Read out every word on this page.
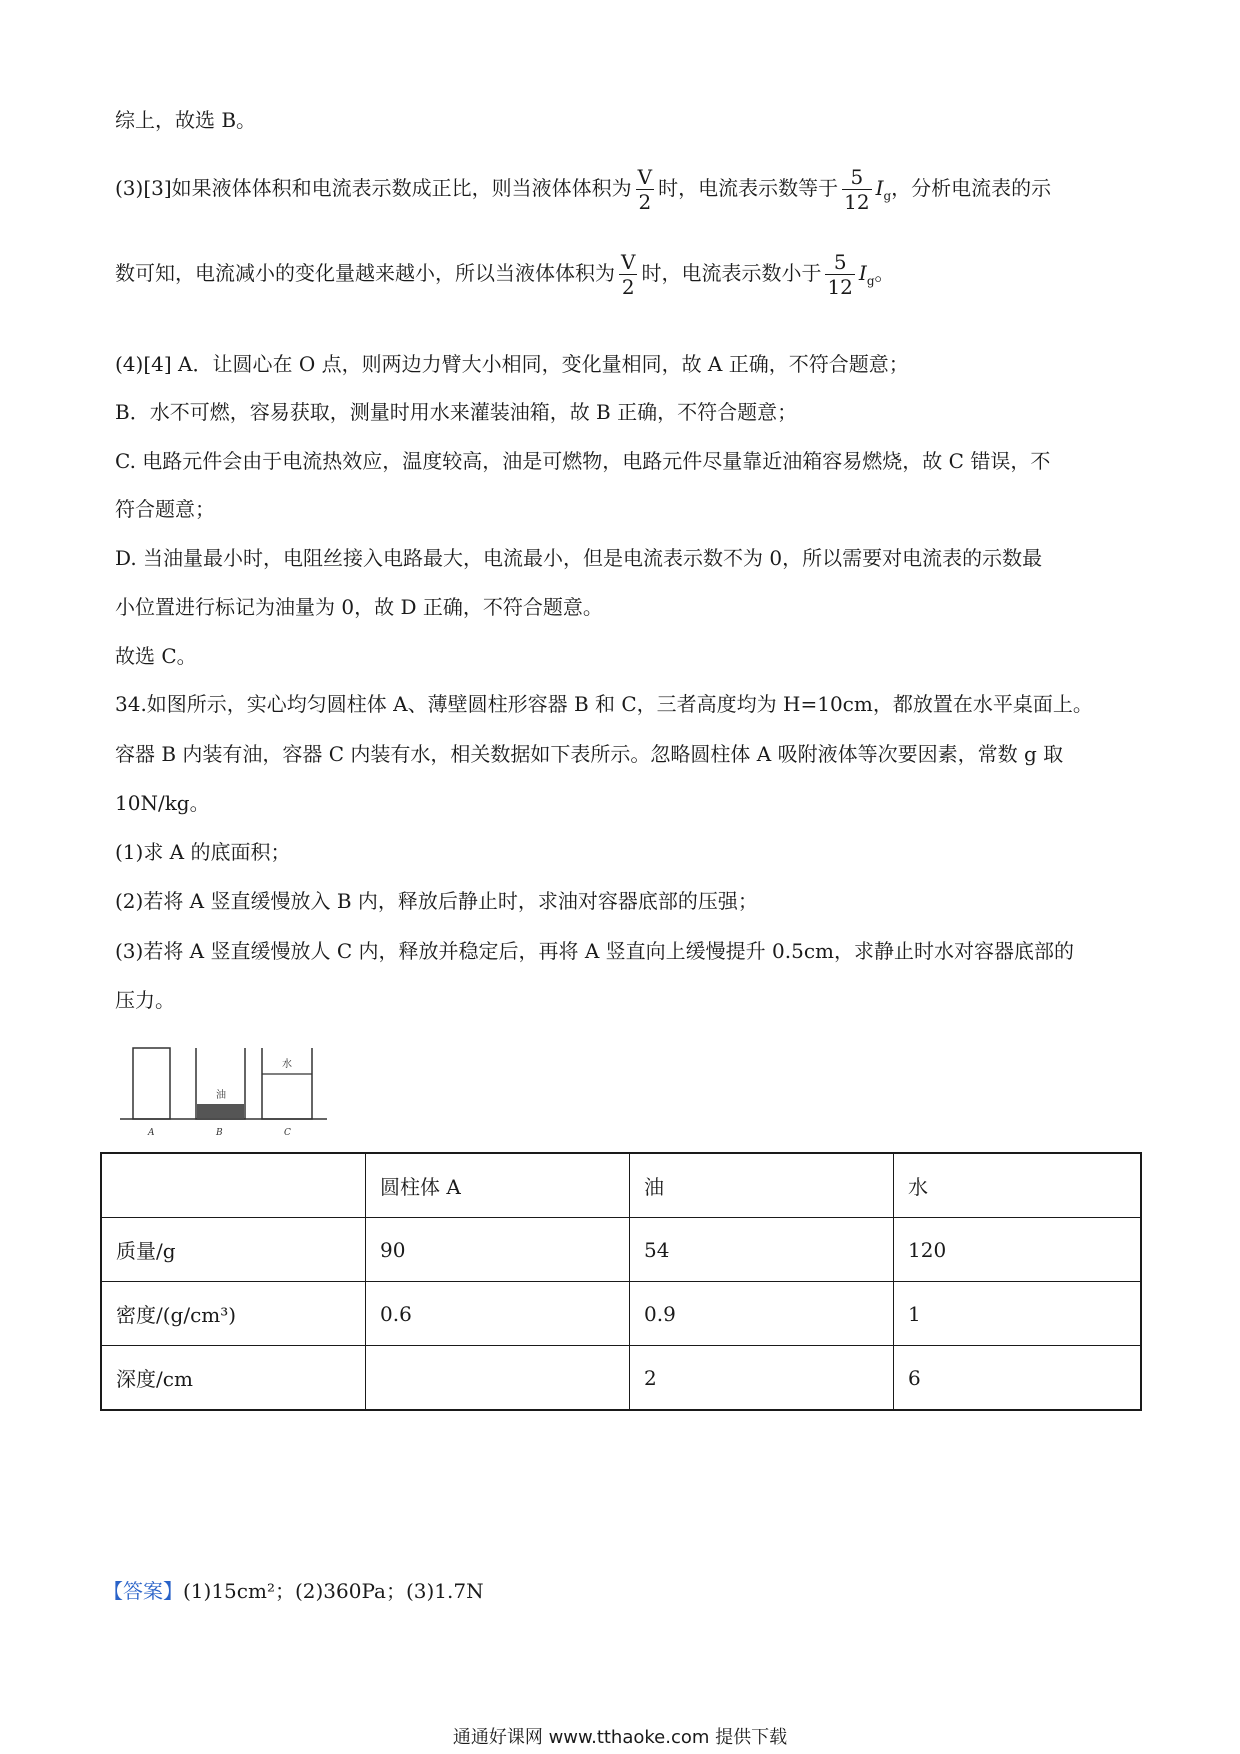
综上，故选 B。
(3)[3]如果液体体积和电流表示数成正比，则当液体体积为 $\frac{V}{2}$ 时，电流表示数等于 $\frac{5}{12} I_g$，分析电流表的示
数可知，电流减小的变化量越来越小，所以当液体体积为 $\frac{V}{2}$ 时，电流表示数小于 $\frac{5}{12} I_g$。
(4)[4] A．让圆心在 O 点，则两边力臂大小相同，变化量相同，故 A 正确，不符合题意；
B．水不可燃，容易获取，测量时用水来灌装油箱，故 B 正确，不符合题意；
C. 电路元件会由于电流热效应，温度较高，油是可燃物，电路元件尽量靠近油箱容易燃烧，故 C 错误，不
符合题意；
D. 当油量最小时，电阻丝接入电路最大，电流最小，但是电流表示数不为 0，所以需要对电流表的示数最
小位置进行标记为油量为 0，故 D 正确，不符合题意。
故选 C。
34.如图所示，实心均匀圆柱体 A、薄壁圆柱形容器 B 和 C，三者高度均为 H=10cm，都放置在水平桌面上。
容器 B 内装有油，容器 C 内装有水，相关数据如下表所示。忽略圆柱体 A 吸附液体等次要因素，常数 g 取
10N/kg。
(1)求 A 的底面积；
(2)若将 A 竖直缓慢放入 B 内，释放后静止时，求油对容器底部的压强；
(3)若将 A 竖直缓慢放人 C 内，释放并稳定后，再将 A 竖直向上缓慢提升 0.5cm，求静止时水对容器底部的
压力。
油
水
A	B	C
	圆柱体 A	油	水
质量/g	90	54	120
密度/(g/cm³)	0.6	0.9	1
深度/cm		2	6
【答案】(1)15cm²；(2)360Pa；(3)1.7N
通通好课网 www.tthaoke.com 提供下载
